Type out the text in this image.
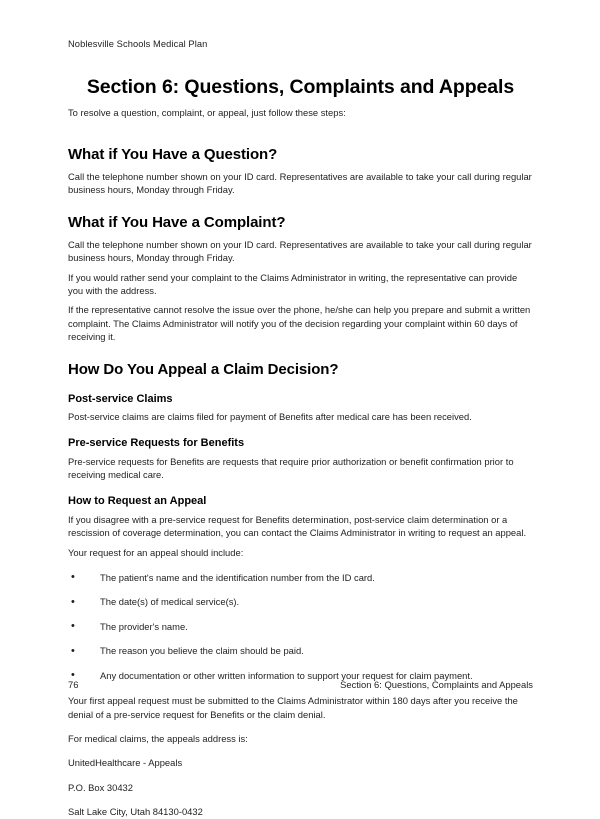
Noblesville Schools Medical Plan
Section 6: Questions, Complaints and Appeals

To resolve a question, complaint, or appeal, just follow these steps:

What if You Have a Question?

Call the telephone number shown on your ID card. Representatives are available to take your call during regular business hours, Monday through Friday.

What if You Have a Complaint?

Call the telephone number shown on your ID card. Representatives are available to take your call during regular business hours, Monday through Friday.

If you would rather send your complaint to the Claims Administrator in writing, the representative can provide you with the address.

If the representative cannot resolve the issue over the phone, he/she can help you prepare and submit a written complaint. The Claims Administrator will notify you of the decision regarding your complaint within 60 days of receiving it.

How Do You Appeal a Claim Decision?
Post-service Claims

Post-service claims are claims filed for payment of Benefits after medical care has been received.

Pre-service Requests for Benefits

Pre-service requests for Benefits are requests that require prior authorization or benefit confirmation prior to receiving medical care.

How to Request an Appeal

If you disagree with a pre-service request for Benefits determination, post-service claim determination or a rescission of coverage determination, you can contact the Claims Administrator in writing to request an appeal.

Your request for an appeal should include:

•	The patient's name and the identification number from the ID card.
•	The date(s) of medical service(s).
•	The provider's name.
•	The reason you believe the claim should be paid.
•	Any documentation or other written information to support your request for claim payment.

Your first appeal request must be submitted to the Claims Administrator within 180 days after you receive the denial of a pre-service request for Benefits or the claim denial.

For medical claims, the appeals address is:

UnitedHealthcare - Appeals

P.O. Box 30432

Salt Lake City, Utah 84130-0432

76	Section 6: Questions, Complaints and Appeals
